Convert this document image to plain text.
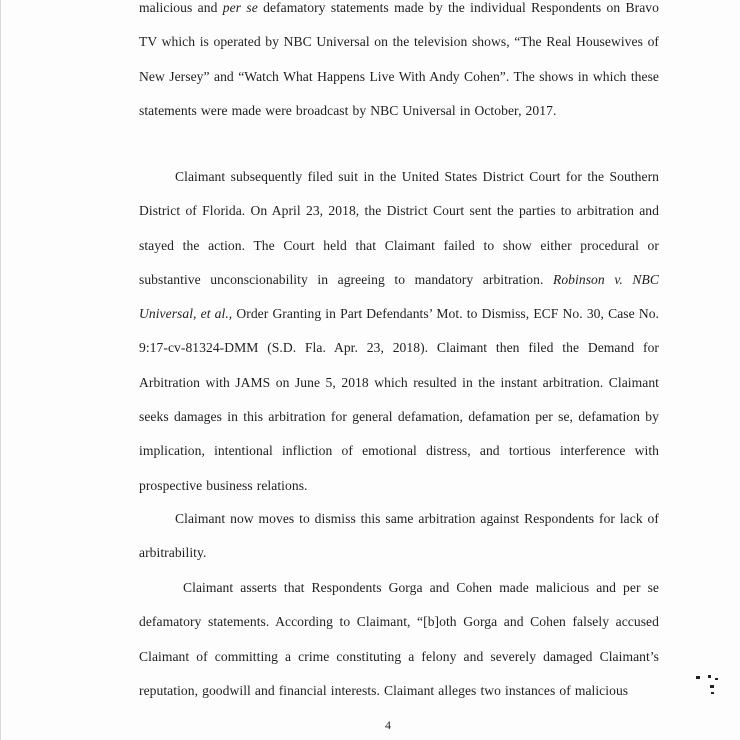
malicious and per se defamatory statements made by the individual Respondents on Bravo TV which is operated by NBC Universal on the television shows, “The Real Housewives of New Jersey” and “Watch What Happens Live With Andy Cohen”. The shows in which these statements were made were broadcast by NBC Universal in October, 2017.

Claimant subsequently filed suit in the United States District Court for the Southern District of Florida. On April 23, 2018, the District Court sent the parties to arbitration and stayed the action. The Court held that Claimant failed to show either procedural or substantive unconscionability in agreeing to mandatory arbitration. Robinson v. NBC Universal, et al., Order Granting in Part Defendants’ Mot. to Dismiss, ECF No. 30, Case No. 9:17-cv-81324-DMM (S.D. Fla. Apr. 23, 2018). Claimant then filed the Demand for Arbitration with JAMS on June 5, 2018 which resulted in the instant arbitration. Claimant seeks damages in this arbitration for general defamation, defamation per se, defamation by implication, intentional infliction of emotional distress, and tortious interference with prospective business relations.

Claimant now moves to dismiss this same arbitration against Respondents for lack of arbitrability.

Claimant asserts that Respondents Gorga and Cohen made malicious and per se defamatory statements. According to Claimant, “[b]oth Gorga and Cohen falsely accused Claimant of committing a crime constituting a felony and severely damaged Claimant’s reputation, goodwill and financial interests. Claimant alleges two instances of malicious

4
